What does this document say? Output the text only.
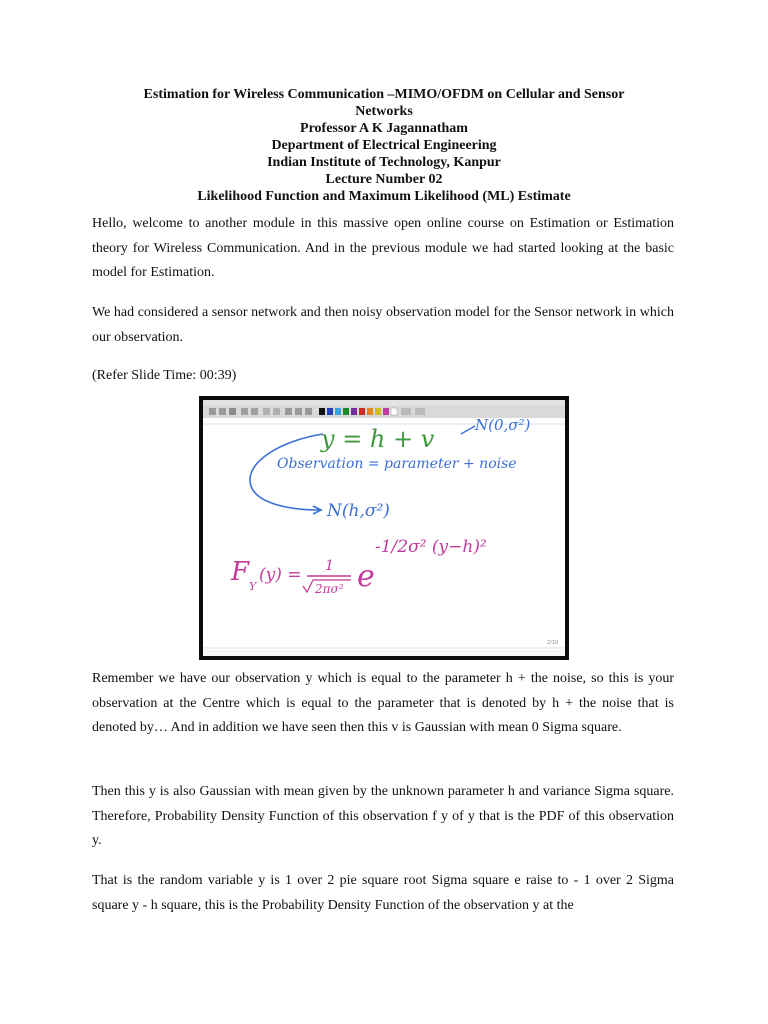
Estimation for Wireless Communication –MIMO/OFDM on Cellular and Sensor
Networks
Professor A K Jagannatham
Department of Electrical Engineering
Indian Institute of Technology, Kanpur
Lecture Number 02
Likelihood Function and Maximum Likelihood (ML) Estimate

Hello, welcome to another module in this massive open online course on Estimation or Estimation theory for Wireless Communication. And in the previous module we had started looking at the basic model for Estimation.

We had considered a sensor network and then noisy observation model for the Sensor network in which our observation.

(Refer Slide Time: 00:39)

y = h + v	N(0,σ²)
Observation = parameter + noise
N(h,σ²)
F Y
(y) = 1
2πσ² e
-1/2σ² (y−h)²
2/10

Remember we have our observation y which is equal to the parameter h + the noise, so this is your observation at the Centre which is equal to the parameter that is denoted by h + the noise that is denoted by… And in addition we have seen then this v is Gaussian with mean 0 Sigma square.

Then this y is also Gaussian with mean given by the unknown parameter h and variance Sigma square. Therefore, Probability Density Function of this observation f y of y that is the PDF of this observation y.

That is the random variable y is 1 over 2 pie square root Sigma square e raise to - 1 over 2 Sigma square y - h square, this is the Probability Density Function of the observation y at the
